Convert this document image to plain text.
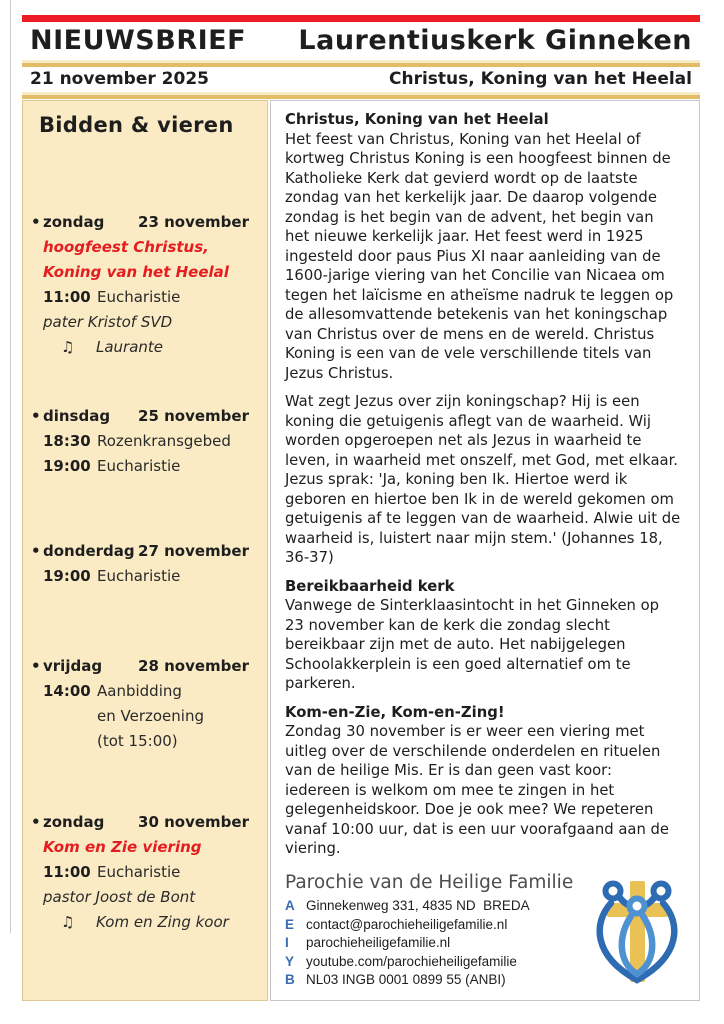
NIEUWSBRIEF Laurentiuskerk Ginneken
21 november 2025	Christus, Koning van het Heelal
Bidden & vieren
• zondag 23 november
hoogfeest Christus,
Koning van het Heelal
11:00 Eucharistie
pater Kristof SVD
♫ Laurante
• dinsdag 25 november
18:30 Rozenkransgebed
19:00 Eucharistie
• donderdag 27 november
19:00 Eucharistie
• vrijdag 28 november
14:00 Aanbidding
en Verzoening
(tot 15:00)
• zondag 30 november
Kom en Zie viering
11:00 Eucharistie
pastor Joost de Bont
♫ Kom en Zing koor
Christus, Koning van het Heelal

Het feest van Christus, Koning van het Heelal of kortweg Christus Koning is een hoogfeest binnen de Katholieke Kerk dat gevierd wordt op de laatste zondag van het kerkelijk jaar. De daarop volgende zondag is het begin van de advent, het begin van het nieuwe kerkelijk jaar. Het feest werd in 1925 ingesteld door paus Pius XI naar aanleiding van de 1600-jarige viering van het Concilie van Nicaea om tegen het laïcisme en atheïsme nadruk te leggen op de allesomvattende betekenis van het koningschap van Christus over de mens en de wereld. Christus Koning is een van de vele verschillende titels van Jezus Christus.

Wat zegt Jezus over zijn koningschap? Hij is een koning die getuigenis aflegt van de waarheid. Wij worden opgeroepen net als Jezus in waarheid te leven, in waarheid met onszelf, met God, met elkaar. Jezus sprak: 'Ja, koning ben Ik. Hiertoe werd ik geboren en hiertoe ben Ik in de wereld gekomen om getuigenis af te leggen van de waarheid. Alwie uit de waarheid is, luistert naar mijn stem.' (Johannes 18, 36-37)

Bereikbaarheid kerk

Vanwege de Sinterklaasintocht in het Ginneken op 23 november kan de kerk die zondag slecht bereikbaar zijn met de auto. Het nabijgelegen Schoolakkerplein is een goed alternatief om te parkeren.

Kom-en-Zie, Kom-en-Zing!

Zondag 30 november is er weer een viering met uitleg over de verschilende onderdelen en rituelen van de heilige Mis. Er is dan geen vast koor: iedereen is welkom om mee te zingen in het gelegenheidskoor. Doe je ook mee? We repeteren vanaf 10:00 uur, dat is een uur voorafgaand aan de viering.

Parochie van de Heilige Familie
A Ginnekenweg 331, 4835 ND  BREDA
E contact@parochieheiligefamilie.nl
I	parochieheiligefamilie.nl
Y youtube.com/parochieheiligefamilie
B NL03 INGB 0001 0899 55 (ANBI)
